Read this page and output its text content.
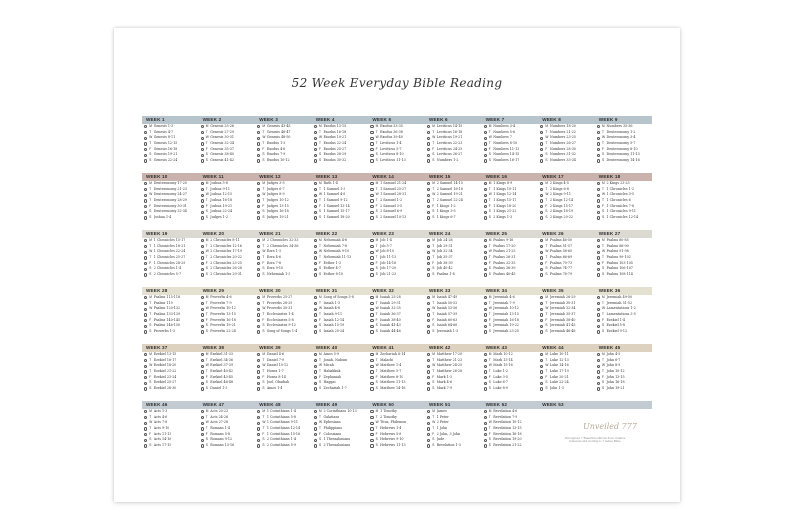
52 Week Everyday Bible Reading
WEEK 1
M Genesis 1-3
T Genesis 4-7
W Genesis 8-11
T Genesis 12-15
F Genesis 16-18
S Genesis 19-21
S Genesis 22-24
WEEK 2
M Genesis 25-26
T Genesis 27-29
W Genesis 30-31
T Genesis 32-34
F Genesis 35-37
S Genesis 38-40
S Genesis 41-42
WEEK 3
M Genesis 43-45
T Genesis 46-47
W Genesis 48-50
T Exodus 1-3
F Exodus 4-6
S Exodus 7-9
S Exodus 10-12
WEEK 4
M Exodus 13-15
T Exodus 16-18
W Exodus 19-21
T Exodus 22-24
F Exodus 25-27
S Exodus 28-29
S Exodus 30-32
WEEK 5
M Exodus 33-35
T Exodus 36-38
W Exodus 39-40
T Leviticus 1-4
F Leviticus 5-7
S Leviticus 8-10
S Leviticus 11-13
WEEK 6
M Leviticus 14-15
T Leviticus 16-18
W Leviticus 19-21
T Leviticus 22-23
F Leviticus 24-25
S Leviticus 26-27
S Numbers 1-2
WEEK 7
M Numbers 3-4
T Numbers 5-6
W Numbers 7
T Numbers 8-10
F Numbers 11-13
S Numbers 14-15
S Numbers 16-17
WEEK 8
M Numbers 18-20
T Numbers 21-22
W Numbers 23-25
T Numbers 26-27
F Numbers 28-30
S Numbers 31-32
S Numbers 33-34
WEEK 9
M Numbers 35-36
T Deuteronomy 1-2
W Deuteronomy 3-4
T Deuteronomy 5-7
F Deuteronomy 8-10
S Deuteronomy 11-13
S Deuteronomy 14-16
WEEK 10
M Deuteronomy 17-20
T Deuteronomy 21-23
W Deuteronomy 24-27
T Deuteronomy 28-29
F Deuteronomy 30-31
S Deuteronomy 32-34
S Joshua 1-4
WEEK 11
M Joshua 5-8
T Joshua 9-11
W Joshua 12-15
T Joshua 16-18
F Joshua 19-21
S Joshua 22-24
S Judges 1-2
WEEK 12
M Judges 3-5
T Judges 6-7
W Judges 8-9
T Judges 10-12
F Judges 13-15
S Judges 16-18
S Judges 19-21
WEEK 13
M Ruth 1-4
T 1 Samuel 1-3
W 1 Samuel 4-8
T 1 Samuel 9-12
F 1 Samuel 13-14
S 1 Samuel 15-17
S 1 Samuel 18-20
WEEK 14
M 1 Samuel 21-24
T 1 Samuel 25-27
W 1 Samuel 28-31
T 2 Samuel 1-2
F 2 Samuel 3-5
S 2 Samuel 6-9
S 2 Samuel 10-13
WEEK 15
M 2 Samuel 14-15
T 2 Samuel 16-18
W 2 Samuel 19-21
T 2 Samuel 22-24
F 1 Kings 1-2
S 1 Kings 3-5
S 1 Kings 6-7
WEEK 16
M 1 Kings 8-9
T 1 Kings 10-11
W 1 Kings 12-14
T 1 Kings 15-17
F 1 Kings 18-20
S 1 Kings 21-22
S 2 Kings 1-3
WEEK 17
M 2 Kings 4-5
T 2 Kings 6-8
W 2 Kings 9-11
T 2 Kings 12-14
F 2 Kings 15-17
S 2 Kings 18-19
S 2 Kings 20-22
WEEK 18
M 2 Kings 23-25
T 1 Chronicles 1-2
W 1 Chronicles 3-5
T 1 Chronicles 6
F 1 Chronicles 7-8
S 1 Chronicles 9-11
S 1 Chronicles 12-14
WEEK 19
M 1 Chronicles 15-17
T 1 Chronicles 18-21
W 1 Chronicles 22-24
T 1 Chronicles 25-27
F 1 Chronicles 28-29
S 2 Chronicles 1-4
S 2 Chronicles 5-7
WEEK 20
M 2 Chronicles 8-11
T 2 Chronicles 12-16
W 2 Chronicles 17-19
T 2 Chronicles 20-22
F 2 Chronicles 23-25
S 2 Chronicles 26-28
S 2 Chronicles 29-31
WEEK 21
M 2 Chronicles 32-33
T 2 Chronicles 34-36
W Ezra 1-3
T Ezra 4-6
F Ezra 7-8
S Ezra 9-10
S Nehemiah 1-3
WEEK 22
M Nehemiah 4-6
T Nehemiah 7-8
W Nehemiah 9-10
T Nehemiah 11-13
F Esther 1-3
S Esther 4-7
S Esther 8-10
WEEK 23
M Job 1-4
T Job 5-7
W Job 8-10
T Job 11-13
F Job 14-16
S Job 17-20
S Job 21-23
WEEK 24
M Job 24-28
T Job 29-31
W Job 32-34
T Job 35-37
F Job 38-39
S Job 40-42
S Psalms 1-8
WEEK 25
M Psalms 9-16
T Psalms 17-20
W Psalms 21-25
T Psalms 26-31
F Psalms 32-35
S Psalms 36-39
S Psalms 40-45
WEEK 26
M Psalms 46-50
T Psalms 51-57
W Psalms 58-65
T Psalms 66-69
F Psalms 70-73
S Psalms 74-77
S Psalms 78-79
WEEK 27
M Psalms 80-85
T Psalms 86-90
W Psalms 91-98
T Psalms 99-102
F Psalms 103-105
S Psalms 106-107
S Psalms 108-114
WEEK 28
M Psalms 115-118
T Psalms 119
W Psalms 120-132
T Psalms 133-139
F Psalms 140-145
S Psalms 146-150
S Proverbs 1-3
WEEK 29
M Proverbs 4-6
T Proverbs 7-9
W Proverbs 10-12
T Proverbs 13-15
F Proverbs 16-18
S Proverbs 19-21
S Proverbs 22-24
WEEK 30
M Proverbs 25-27
T Proverbs 28-29
W Proverbs 30-31
T Ecclesiastes 1-4
F Ecclesiastes 5-8
S Ecclesiastes 9-12
S Song of Songs 1-4
WEEK 31
M Song of Songs 5-8
T Isaiah 1-3
W Isaiah 4-8
T Isaiah 9-11
F Isaiah 12-14
S Isaiah 15-19
S Isaiah 20-24
WEEK 32
M Isaiah 25-28
T Isaiah 29-31
W Isaiah 32-35
T Isaiah 36-37
F Isaiah 38-40
S Isaiah 41-43
S Isaiah 44-46
WEEK 33
M Isaiah 47-49
T Isaiah 50-52
W Isaiah 53-56
T Isaiah 57-59
F Isaiah 60-63
S Isaiah 64-66
S Jeremiah 1-3
WEEK 34
M Jeremiah 4-6
T Jeremiah 7-9
W Jeremiah 10-12
T Jeremiah 13-15
F Jeremiah 16-18
S Jeremiah 19-22
S Jeremiah 23-25
WEEK 35
M Jeremiah 26-29
T Jeremiah 30-31
W Jeremiah 32-34
T Jeremiah 35-37
F Jeremiah 38-40
S Jeremiah 41-45
S Jeremiah 46-48
WEEK 36
M Jeremiah 49-50
T Jeremiah 51-52
W Lamentations 1-2
T Lamentations 3-5
F Ezekiel 1-4
S Ezekiel 5-8
S Ezekiel 9-12
WEEK 37
M Ezekiel 13-15
T Ezekiel 16-17
W Ezekiel 18-20
T Ezekiel 21-22
F Ezekiel 23-24
S Ezekiel 25-27
S Ezekiel 28-30
WEEK 38
M Ezekiel 31-33
T Ezekiel 34-36
W Ezekiel 37-39
T Ezekiel 40-42
F Ezekiel 43-45
S Ezekiel 46-48
S Daniel 1-3
WEEK 39
M Daniel 4-6
T Daniel 7-9
W Daniel 10-12
T Hosea 1-7
F Hosea 8-14
S Joel, Obadiah
S Amos 1-4
WEEK 40
M Amos 5-9
T Jonah, Nahum
W Micah
T Habakkuk
F Zephaniah
S Haggai
S Zechariah 1-7
WEEK 41
M Zechariah 8-14
T Malachi
W Matthew 1-4
T Matthew 5-7
F Matthew 8-10
S Matthew 11-13
S Matthew 14-16
WEEK 42
M Matthew 17-20
T Matthew 21-23
W Matthew 24-25
T Matthew 26-28
F Mark 1-3
S Mark 4-6
S Mark 7-9
WEEK 43
M Mark 10-12
T Mark 13-14
W Mark 15-16
T Luke 1-2
F Luke 3-5
S Luke 6-7
S Luke 8-9
WEEK 44
M Luke 10-11
T Luke 12-13
W Luke 14-16
T Luke 17-19
F Luke 20-21
S Luke 22-24
S John 1-3
WEEK 45
M John 4-5
T John 6-7
W John 8-9
T John 10-12
F John 13-15
S John 16-18
S John 19-21
WEEK 46
M Acts 1-3
T Acts 4-6
W Acts 7-8
T Acts 9-10
F Acts 11-13
S Acts 14-16
S Acts 17-19
WEEK 47
M Acts 20-23
T Acts 24-26
W Acts 27-28
T Romans 1-4
F Romans 5-8
S Romans 9-12
S Romans 13-16
WEEK 48
M 1 Corinthians 1-4
T 1 Corinthians 5-8
W 1 Corinthians 9-11
T 1 Corinthians 12-14
F 1 Corinthians 15-16
S 2 Corinthians 1-4
S 2 Corinthians 5-9
WEEK 49
M 2 Corinthians 10-13
T Galatians
W Ephesians
T Philippians
F Colossians
S 1 Thessalonians
S 2 Thessalonians
WEEK 50
M 1 Timothy
T 2 Timothy
W Titus, Philemon
T Hebrews 1-4
F Hebrews 5-8
S Hebrews 9-10
S Hebrews 11-13
WEEK 51
M James
T 1 Peter
W 2 Peter
T 1 John
F 2 John, 3 John
S Jude
S Revelation 1-3
WEEK 52
M Revelation 4-6
T Revelation 7-9
W Revelation 10-12
T Revelation 13-15
F Revelation 16-18
S Revelation 19-20
S Revelation 21-22
WEEK 53
Unveiled 777
Throughout 7 Beautiful editions from creative believers and worship to 7 ladies Bible
